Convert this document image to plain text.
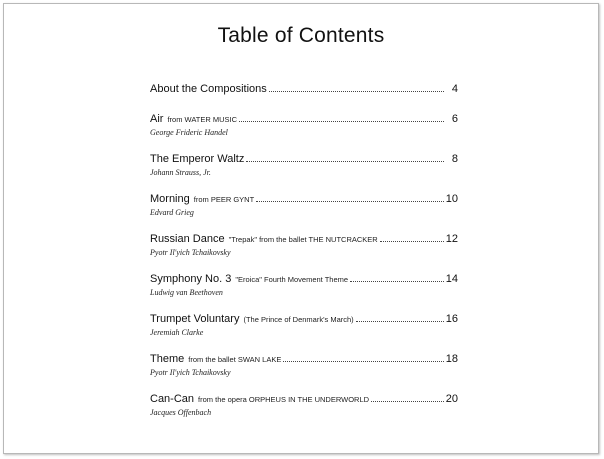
Table of Contents
About the Compositions	4
Air from WATER MUSIC	6
George Frideric Handel
The Emperor Waltz	8
Johann Strauss, Jr.
Morning from PEER GYNT	10
Edvard Grieg
Russian Dance "Trepak" from the ballet THE NUTCRACKER	12
Pyotr Il'yich Tchaikovsky
Symphony No. 3 "Eroica" Fourth Movement Theme	14
Ludwig van Beethoven
Trumpet Voluntary (The Prince of Denmark's March)	16
Jeremiah Clarke
Theme from the ballet SWAN LAKE	18
Pyotr Il'yich Tchaikovsky
Can-Can from the opera ORPHEUS IN THE UNDERWORLD	20
Jacques Offenbach
